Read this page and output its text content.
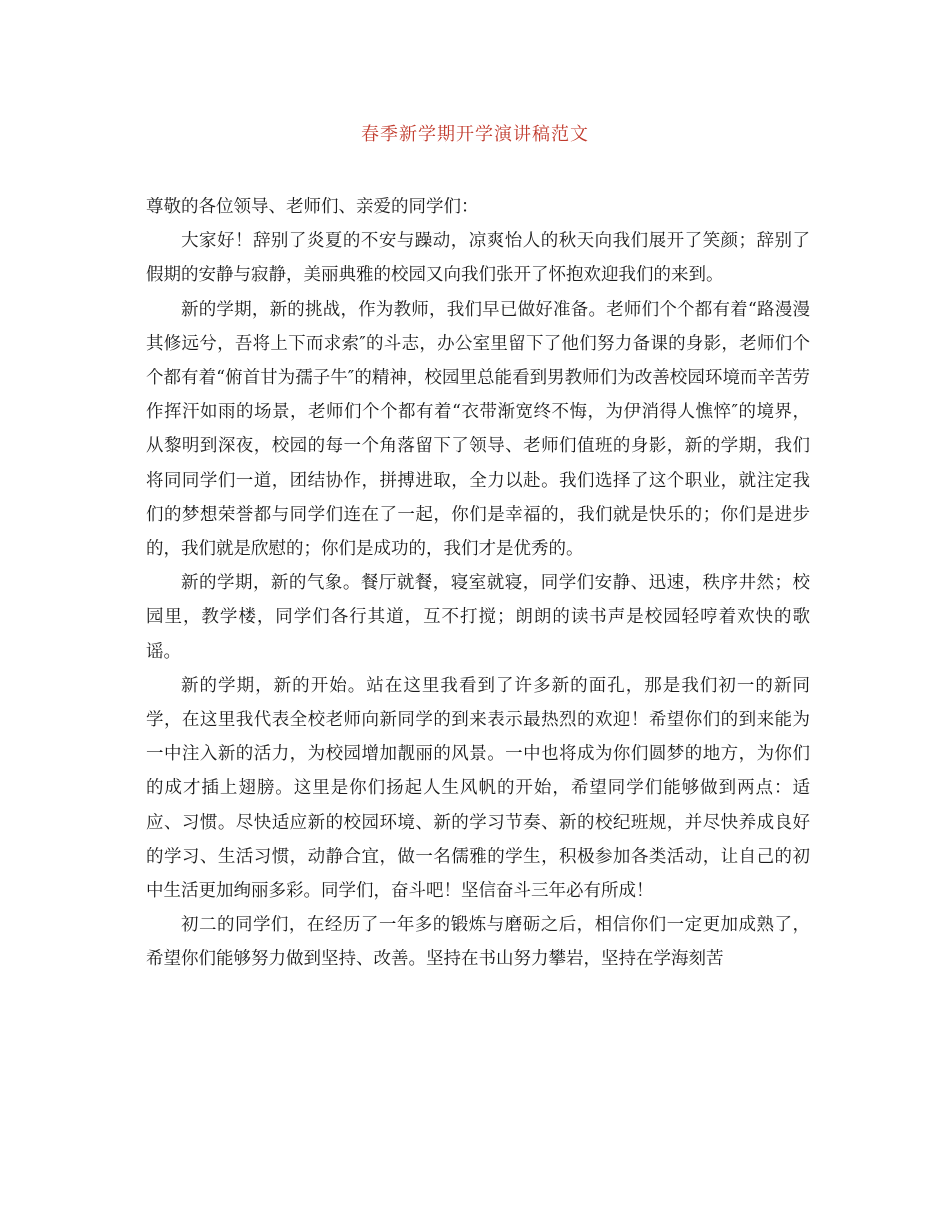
春季新学期开学演讲稿范文

尊敬的各位领导、老师们、亲爱的同学们：

大家好！辞别了炎夏的不安与躁动，凉爽怡人的秋天向我们展开了笑颜；辞别了假期的安静与寂静，美丽典雅的校园又向我们张开了怀抱欢迎我们的来到。

新的学期，新的挑战，作为教师，我们早已做好准备。老师们个个都有着“路漫漫其修远兮，吾将上下而求索″的斗志，办公室里留下了他们努力备课的身影，老师们个个都有着“俯首甘为孺子牛″的精神，校园里总能看到男教师们为改善校园环境而辛苦劳作挥汗如雨的场景，老师们个个都有着“衣带渐宽终不悔，为伊消得人憔悴″的境界， 从黎明到深夜，校园的每一个角落留下了领导、老师们值班的身影，新的学期，我们将同同学们一道，团结协作，拼搏进取，全力以赴。我们选择了这个职业，就注定我们的梦想荣誉都与同学们连在了一起，你们是幸福的，我们就是快乐的；你们是进步的，我们就是欣慰的；你们是成功的，我们才是优秀的。

新的学期，新的气象。餐厅就餐，寝室就寝，同学们安静、迅速，秩序井然；校园里，教学楼，同学们各行其道，互不打搅；朗朗的读书声是校园轻哼着欢快的歌谣。

新的学期，新的开始。站在这里我看到了许多新的面孔，那是我们初一的新同学，在这里我代表全校老师向新同学的到来表示最热烈的欢迎！希望你们的到来能为一中注入新的活力，为校园增加靓丽的风景。一中也将成为你们圆梦的地方，为你们的成才插上翅膀。这里是你们扬起人生风帆的开始，希望同学们能够做到两点：适应、习惯。尽快适应新的校园环境、新的学习节奏、新的校纪班规，并尽快养成良好的学习、生活习惯，动静合宜，做一名儒雅的学生，积极参加各类活动，让自己的初中生活更加绚丽多彩。同学们，奋斗吧！坚信奋斗三年必有所成！

初二的同学们，在经历了一年多的锻炼与磨砺之后，相信你们一定更加成熟了，希望你们能够努力做到坚持、改善。坚持在书山努力攀岩，坚持在学海刻苦
